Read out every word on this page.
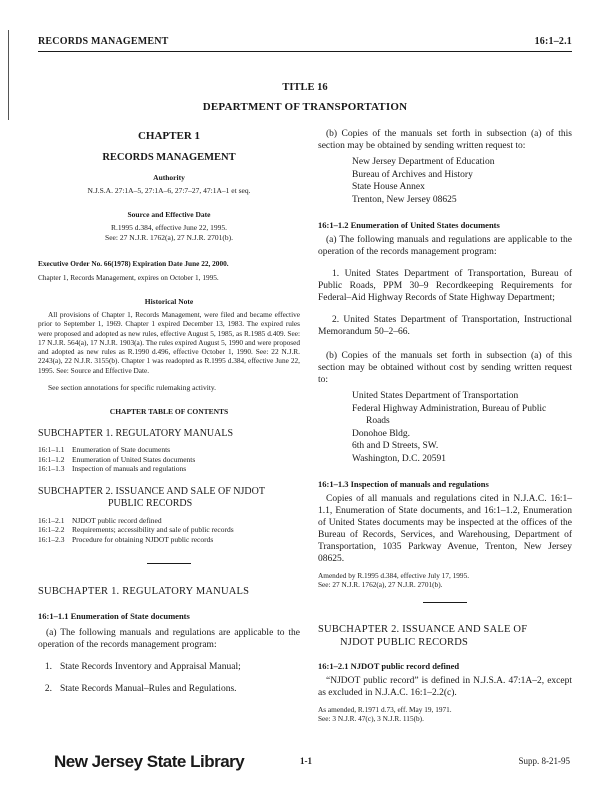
RECORDS MANAGEMENT	16:1–2.1
TITLE 16
DEPARTMENT OF TRANSPORTATION
CHAPTER 1
RECORDS MANAGEMENT
Authority
N.J.S.A. 27:1A–5, 27:1A–6, 27:7–27, 47:1A–1 et seq.
Source and Effective Date
R.1995 d.384, effective June 22, 1995.
See: 27 N.J.R. 1762(a), 27 N.J.R. 2701(b).
Executive Order No. 66(1978) Expiration Date June 22, 2000.
Chapter 1, Records Management, expires on October 1, 1995.
Historical Note
All provisions of Chapter 1, Records Management, were filed and became effective prior to September 1, 1969. Chapter 1 expired December 13, 1983. The expired rules were proposed and adopted as new rules, effective August 5, 1985, as R.1985 d.409. See: 17 N.J.R. 564(a), 17 N.J.R. 1903(a). The rules expired August 5, 1990 and were proposed and adopted as new rules as R.1990 d.496, effective October 1, 1990. See: 22 N.J.R. 2243(a), 22 N.J.R. 3155(b). Chapter 1 was readopted as R.1995 d.384, effective June 22, 1995. See: Source and Effective Date.
See section annotations for specific rulemaking activity.
CHAPTER TABLE OF CONTENTS
SUBCHAPTER 1. REGULATORY MANUALS
16:1–1.1	Enumeration of State documents
16:1–1.2	Enumeration of United States documents
16:1–1.3	Inspection of manuals and regulations
SUBCHAPTER 2. ISSUANCE AND SALE OF NJDOT
PUBLIC RECORDS
16:1–2.1	NJDOT public record defined
16:1–2.2	Requirements; accessibility and sale of public records
16:1–2.3	Procedure for obtaining NJDOT public records
SUBCHAPTER 1. REGULATORY MANUALS
16:1–1.1 Enumeration of State documents
(a) The following manuals and regulations are applicable to the operation of the records management program:
1. State Records Inventory and Appraisal Manual;
2. State Records Manual–Rules and Regulations.
(b) Copies of the manuals set forth in subsection (a) of this section may be obtained by sending written request to:
New Jersey Department of Education
Bureau of Archives and History
State House Annex
Trenton, New Jersey 08625
16:1–1.2 Enumeration of United States documents
(a) The following manuals and regulations are applicable to the operation of the records management program:
1. United States Department of Transportation, Bureau of Public Roads, PPM 30–9 Recordkeeping Requirements for Federal–Aid Highway Records of State Highway Department;
2. United States Department of Transportation, Instructional Memorandum 50–2–66.
(b) Copies of the manuals set forth in subsection (a) of this section may be obtained without cost by sending written request to:
United States Department of Transportation
Federal Highway Administration, Bureau of Public
Roads
Donohoe Bldg.
6th and D Streets, SW.
Washington, D.C. 20591
16:1–1.3 Inspection of manuals and regulations
Copies of all manuals and regulations cited in N.J.A.C. 16:1–1.1, Enumeration of State documents, and 16:1–1.2, Enumeration of United States documents may be inspected at the offices of the Bureau of Records, Services, and Warehousing, Department of Transportation, 1035 Parkway Avenue, Trenton, New Jersey 08625.
Amended by R.1995 d.384, effective July 17, 1995.
See: 27 N.J.R. 1762(a), 27 N.J.R. 2701(b).
SUBCHAPTER 2. ISSUANCE AND SALE OF
NJDOT PUBLIC RECORDS
16:1–2.1 NJDOT public record defined
“NJDOT public record” is defined in N.J.S.A. 47:1A–2, except as excluded in N.J.A.C. 16:1–2.2(c).
As amended, R.1971 d.73, eff. May 19, 1971.
See: 3 N.J.R. 47(c), 3 N.J.R. 115(b).
New Jersey State Library	1-1	Supp. 8-21-95
